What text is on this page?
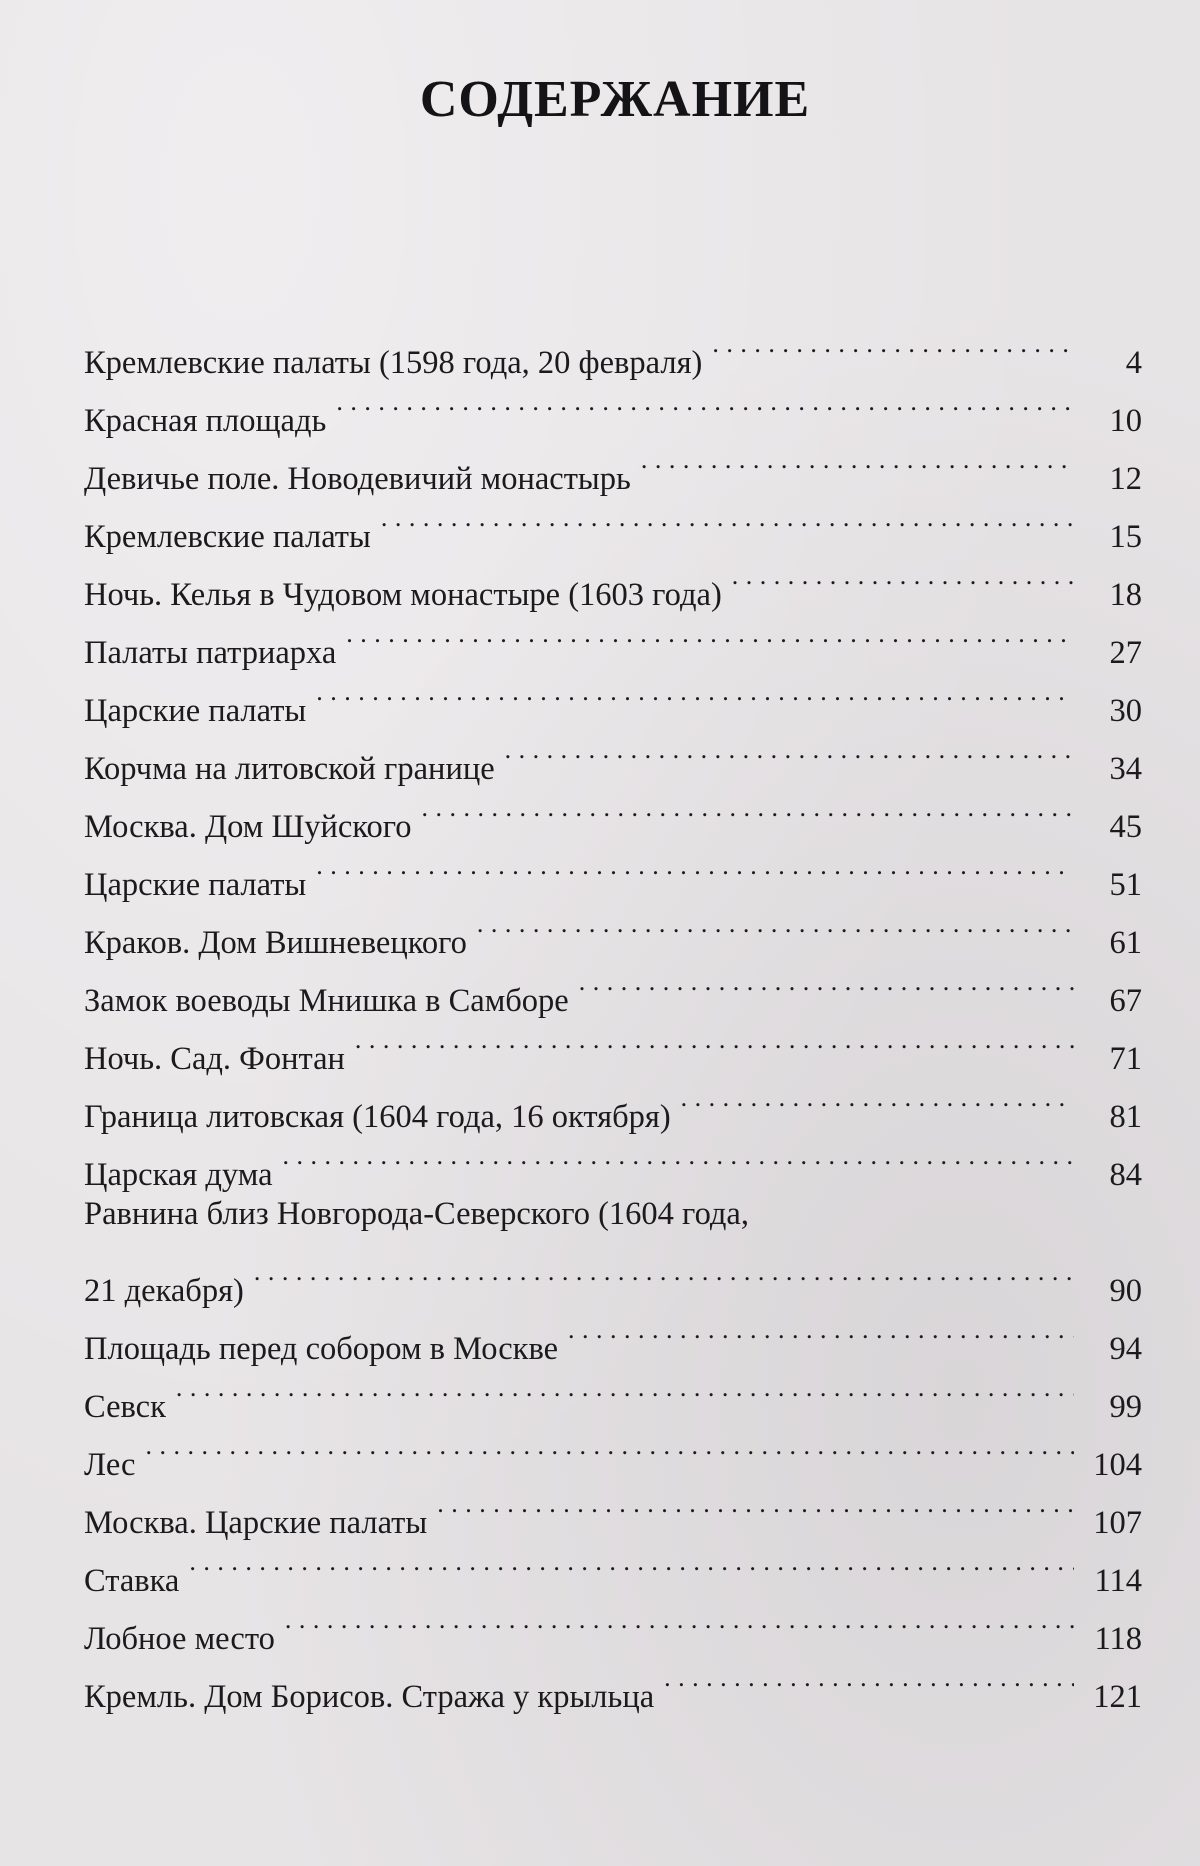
СОДЕРЖАНИЕ
Кремлевские палаты (1598 года, 20 февраля) . . .	4
Красная площадь . . .	10
Девичье поле. Новодевичий монастырь . . .	12
Кремлевские палаты . . .	15
Ночь. Келья в Чудовом монастыре (1603 года) . . .	18
Палаты патриарха . . .	27
Царские палаты . . .	30
Корчма на литовской границе . . .	34
Москва. Дом Шуйского . . .	45
Царские палаты . . .	51
Краков. Дом Вишневецкого . . .	61
Замок воеводы Мнишка в Самборе . . .	67
Ночь. Сад. Фонтан . . .	71
Граница литовская (1604 года, 16 октября) . . .	81
Царская дума . . .	84
Равнина близ Новгорода-Северского (1604 года,
21 декабря) . . .	90
Площадь перед собором в Москве . . .	94
Севск . . .	99
Лес . . .	104
Москва. Царские палаты . . .	107
Ставка . . .	114
Лобное место . . .	118
Кремль. Дом Борисов. Стража у крыльца . . .	121
